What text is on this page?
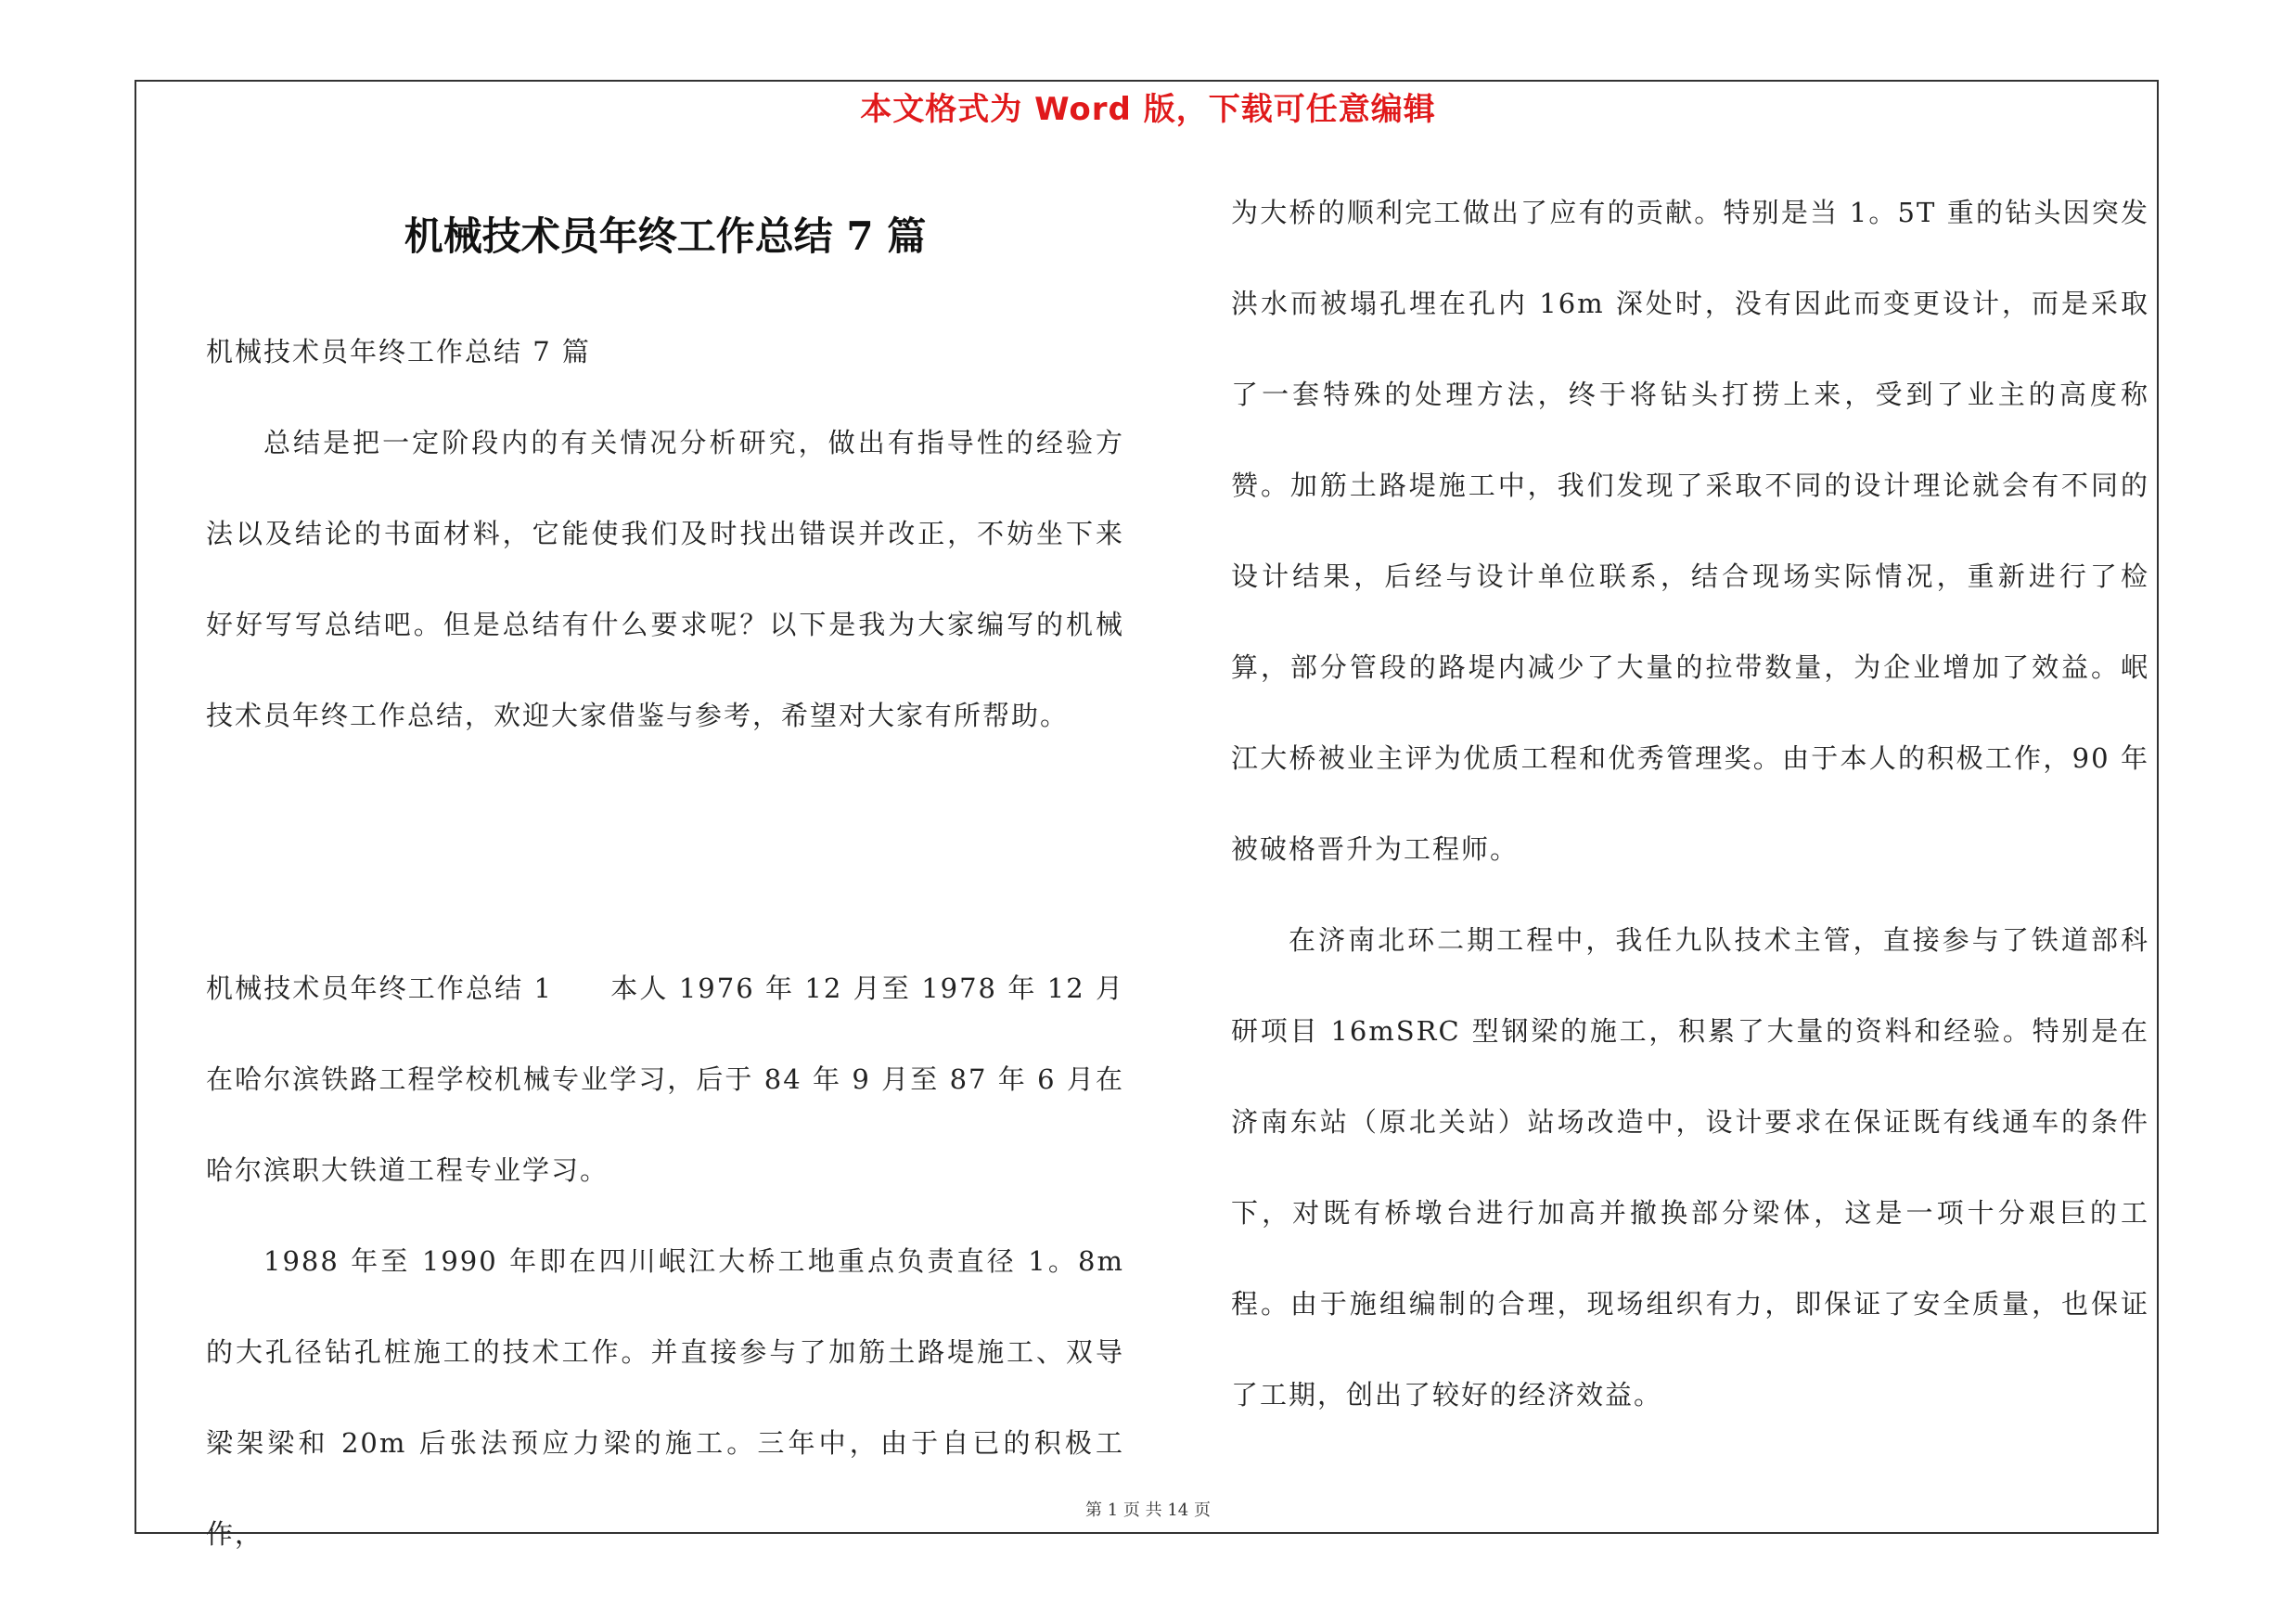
本文格式为 Word 版，下载可任意编辑
机械技术员年终工作总结 7 篇

机械技术员年终工作总结 7 篇

总结是把一定阶段内的有关情况分析研究，做出有指导性的经验方法以及结论的书面材料，它能使我们及时找出错误并改正，不妨坐下来好好写写总结吧。但是总结有什么要求呢？以下是我为大家编写的机械技术员年终工作总结，欢迎大家借鉴与参考，希望对大家有所帮助。

机械技术员年终工作总结 1　　本人 1976 年 12 月至 1978 年 12 月在哈尔滨铁路工程学校机械专业学习，后于 84 年 9 月至 87 年 6 月在哈尔滨职大铁道工程专业学习。

1988 年至 1990 年即在四川岷江大桥工地重点负责直径 1。8m 的大孔径钻孔桩施工的技术工作。并直接参与了加筋土路堤施工、双导梁架梁和 20m 后张法预应力梁的施工。三年中，由于自已的积极工作，

为大桥的顺利完工做出了应有的贡献。特别是当 1。5T 重的钻头因突发洪水而被塌孔埋在孔内 16m 深处时，没有因此而变更设计，而是采取了一套特殊的处理方法，终于将钻头打捞上来，受到了业主的高度称赞。加筋土路堤施工中，我们发现了采取不同的设计理论就会有不同的设计结果，后经与设计单位联系，结合现场实际情况，重新进行了检算，部分管段的路堤内减少了大量的拉带数量，为企业增加了效益。岷江大桥被业主评为优质工程和优秀管理奖。由于本人的积极工作，90 年被破格晋升为工程师。

在济南北环二期工程中，我任九队技术主管，直接参与了铁道部科研项目 16mSRC 型钢梁的施工，积累了大量的资料和经验。特别是在济南东站（原北关站）站场改造中，设计要求在保证既有线通车的条件下，对既有桥墩台进行加高并撤换部分梁体，这是一项十分艰巨的工程。由于施组编制的合理，现场组织有力，即保证了安全质量，也保证了工期，创出了较好的经济效益。

第 1 页 共 14 页
